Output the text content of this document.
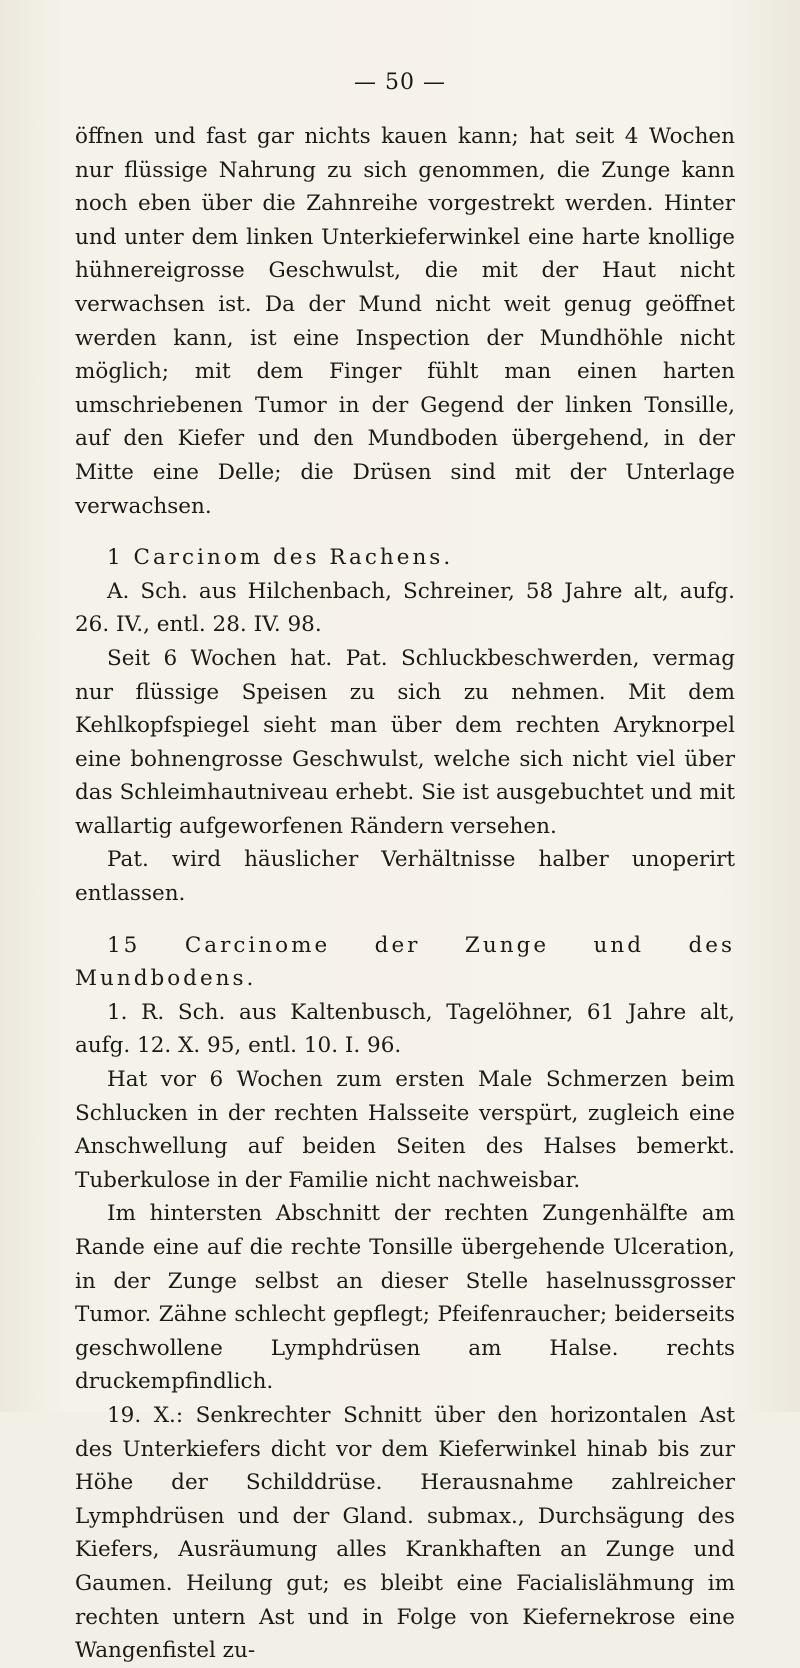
— 50 —

öffnen und fast gar nichts kauen kann; hat seit 4 Wochen nur flüssige Nahrung zu sich genommen, die Zunge kann noch eben über die Zahnreihe vorgestrekt werden. Hinter und unter dem linken Unterkieferwinkel eine harte knollige hühnereigrosse Geschwulst, die mit der Haut nicht verwachsen ist. Da der Mund nicht weit genug geöffnet werden kann, ist eine Inspection der Mundhöhle nicht möglich; mit dem Finger fühlt man einen harten umschriebenen Tumor in der Gegend der linken Tonsille, auf den Kiefer und den Mundboden übergehend, in der Mitte eine Delle; die Drüsen sind mit der Unterlage verwachsen.

1 Carcinom des Rachens.

A. Sch. aus Hilchenbach, Schreiner, 58 Jahre alt, aufg. 26. IV., entl. 28. IV. 98.

Seit 6 Wochen hat. Pat. Schluckbeschwerden, vermag nur flüssige Speisen zu sich zu nehmen. Mit dem Kehlkopfspiegel sieht man über dem rechten Aryknorpel eine bohnengrosse Geschwulst, welche sich nicht viel über das Schleimhautniveau erhebt. Sie ist ausgebuchtet und mit wallartig aufgeworfenen Rändern versehen.

Pat. wird häuslicher Verhältnisse halber unoperirt entlassen.

15 Carcinome der Zunge und des Mundbodens.

1. R. Sch. aus Kaltenbusch, Tagelöhner, 61 Jahre alt, aufg. 12. X. 95, entl. 10. I. 96.

Hat vor 6 Wochen zum ersten Male Schmerzen beim Schlucken in der rechten Halsseite verspürt, zugleich eine Anschwellung auf beiden Seiten des Halses bemerkt. Tuberkulose in der Familie nicht nachweisbar.

Im hintersten Abschnitt der rechten Zungenhälfte am Rande eine auf die rechte Tonsille übergehende Ulceration, in der Zunge selbst an dieser Stelle haselnussgrosser Tumor. Zähne schlecht gepflegt; Pfeifenraucher; beiderseits geschwollene Lymphdrüsen am Halse. rechts druckempfindlich.

19. X.: Senkrechter Schnitt über den horizontalen Ast des Unterkiefers dicht vor dem Kieferwinkel hinab bis zur Höhe der Schilddrüse. Herausnahme zahlreicher Lymphdrüsen und der Gland. submax., Durchsägung des Kiefers, Ausräumung alles Krankhaften an Zunge und Gaumen. Heilung gut; es bleibt eine Facialislähmung im rechten untern Ast und in Folge von Kiefernekrose eine Wangenfistel zu-
